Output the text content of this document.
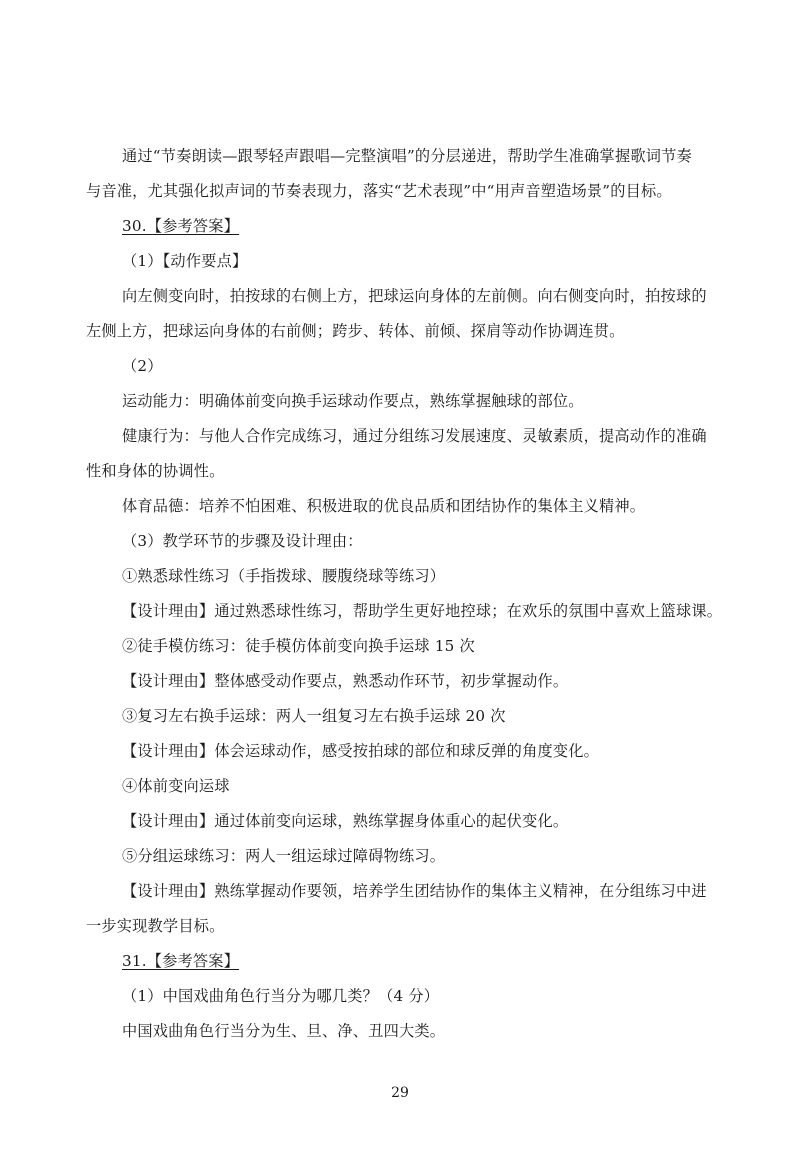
通过“节奏朗读—跟琴轻声跟唱—完整演唱”的分层递进，帮助学生准确掌握歌词节奏
与音准，尤其强化拟声词的节奏表现力，落实“艺术表现”中“用声音塑造场景”的目标。
30.【参考答案】
（1）【动作要点】
向左侧变向时，拍按球的右侧上方，把球运向身体的左前侧。向右侧变向时，拍按球的
左侧上方，把球运向身体的右前侧；跨步、转体、前倾、探肩等动作协调连贯。
（2）
运动能力：明确体前变向换手运球动作要点，熟练掌握触球的部位。
健康行为：与他人合作完成练习，通过分组练习发展速度、灵敏素质，提高动作的准确
性和身体的协调性。
体育品德：培养不怕困难、积极进取的优良品质和团结协作的集体主义精神。
（3）教学环节的步骤及设计理由：
①熟悉球性练习（手指拨球、腰腹绕球等练习）
【设计理由】通过熟悉球性练习，帮助学生更好地控球；在欢乐的氛围中喜欢上篮球课。
②徒手模仿练习：徒手模仿体前变向换手运球 15 次
【设计理由】整体感受动作要点，熟悉动作环节，初步掌握动作。
③复习左右换手运球：两人一组复习左右换手运球 20 次
【设计理由】体会运球动作，感受按拍球的部位和球反弹的角度变化。
④体前变向运球
【设计理由】通过体前变向运球，熟练掌握身体重心的起伏变化。
⑤分组运球练习：两人一组运球过障碍物练习。
【设计理由】熟练掌握动作要领，培养学生团结协作的集体主义精神，在分组练习中进
一步实现教学目标。
31.【参考答案】
（1）中国戏曲角色行当分为哪几类？（4 分）
中国戏曲角色行当分为生、旦、净、丑四大类。
29
